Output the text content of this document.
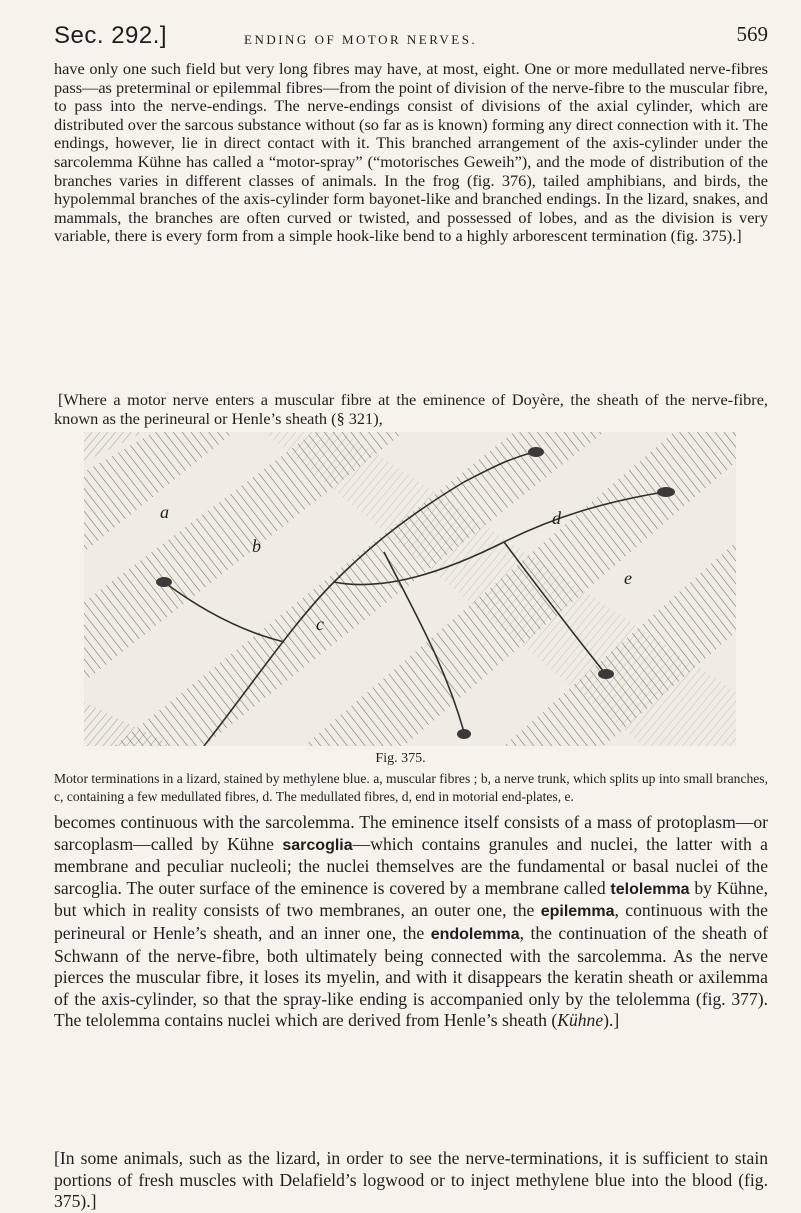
Sec. 292.]	ENDING OF MOTOR NERVES.	569

have only one such field but very long fibres may have, at most, eight. One or more medullated nerve-fibres pass—as preterminal or epilemmal fibres—from the point of division of the nerve-fibre to the muscular fibre, to pass into the nerve-endings. The nerve-endings consist of divisions of the axial cylinder, which are distributed over the sarcous substance without (so far as is known) forming any direct connection with it. The endings, however, lie in direct contact with it. This branched arrangement of the axis-cylinder under the sarcolemma Kühne has called a “motor-spray” (“motorisches Geweih”), and the mode of distribution of the branches varies in different classes of animals. In the frog (fig. 376), tailed amphibians, and birds, the hypolemmal branches of the axis-cylinder form bayonet-like and branched endings. In the lizard, snakes, and mammals, the branches are often curved or twisted, and possessed of lobes, and as the division is very variable, there is every form from a simple hook-like bend to a highly arborescent termination (fig. 375).]

[Where a motor nerve enters a muscular fibre at the eminence of Doyère, the sheath of the nerve-fibre, known as the perineural or Henle’s sheath (§ 321),

a
b
c
d
e

Fig. 375.

Motor terminations in a lizard, stained by methylene blue. a, muscular fibres ; b, a nerve trunk, which splits up into small branches, c, containing a few medullated fibres, d. The medullated fibres, d, end in motorial end-plates, e.

becomes continuous with the sarcolemma. The eminence itself consists of a mass of protoplasm—or sarcoplasm—called by Kühne sarcoglia—which contains granules and nuclei, the latter with a membrane and peculiar nucleoli; the nuclei themselves are the fundamental or basal nuclei of the sarcoglia. The outer surface of the eminence is covered by a membrane called telolemma by Kühne, but which in reality consists of two membranes, an outer one, the epilemma, continuous with the perineural or Henle’s sheath, and an inner one, the endolemma, the continuation of the sheath of Schwann of the nerve-fibre, both ultimately being connected with the sarcolemma. As the nerve pierces the muscular fibre, it loses its myelin, and with it disappears the keratin sheath or axilemma of the axis-cylinder, so that the spray-like ending is accompanied only by the telolemma (fig. 377). The telolemma contains nuclei which are derived from Henle’s sheath (Kühne).]

[In some animals, such as the lizard, in order to see the nerve-terminations, it is sufficient to stain portions of fresh muscles with Delafield’s logwood or to inject methylene blue into the blood (fig. 375).]
